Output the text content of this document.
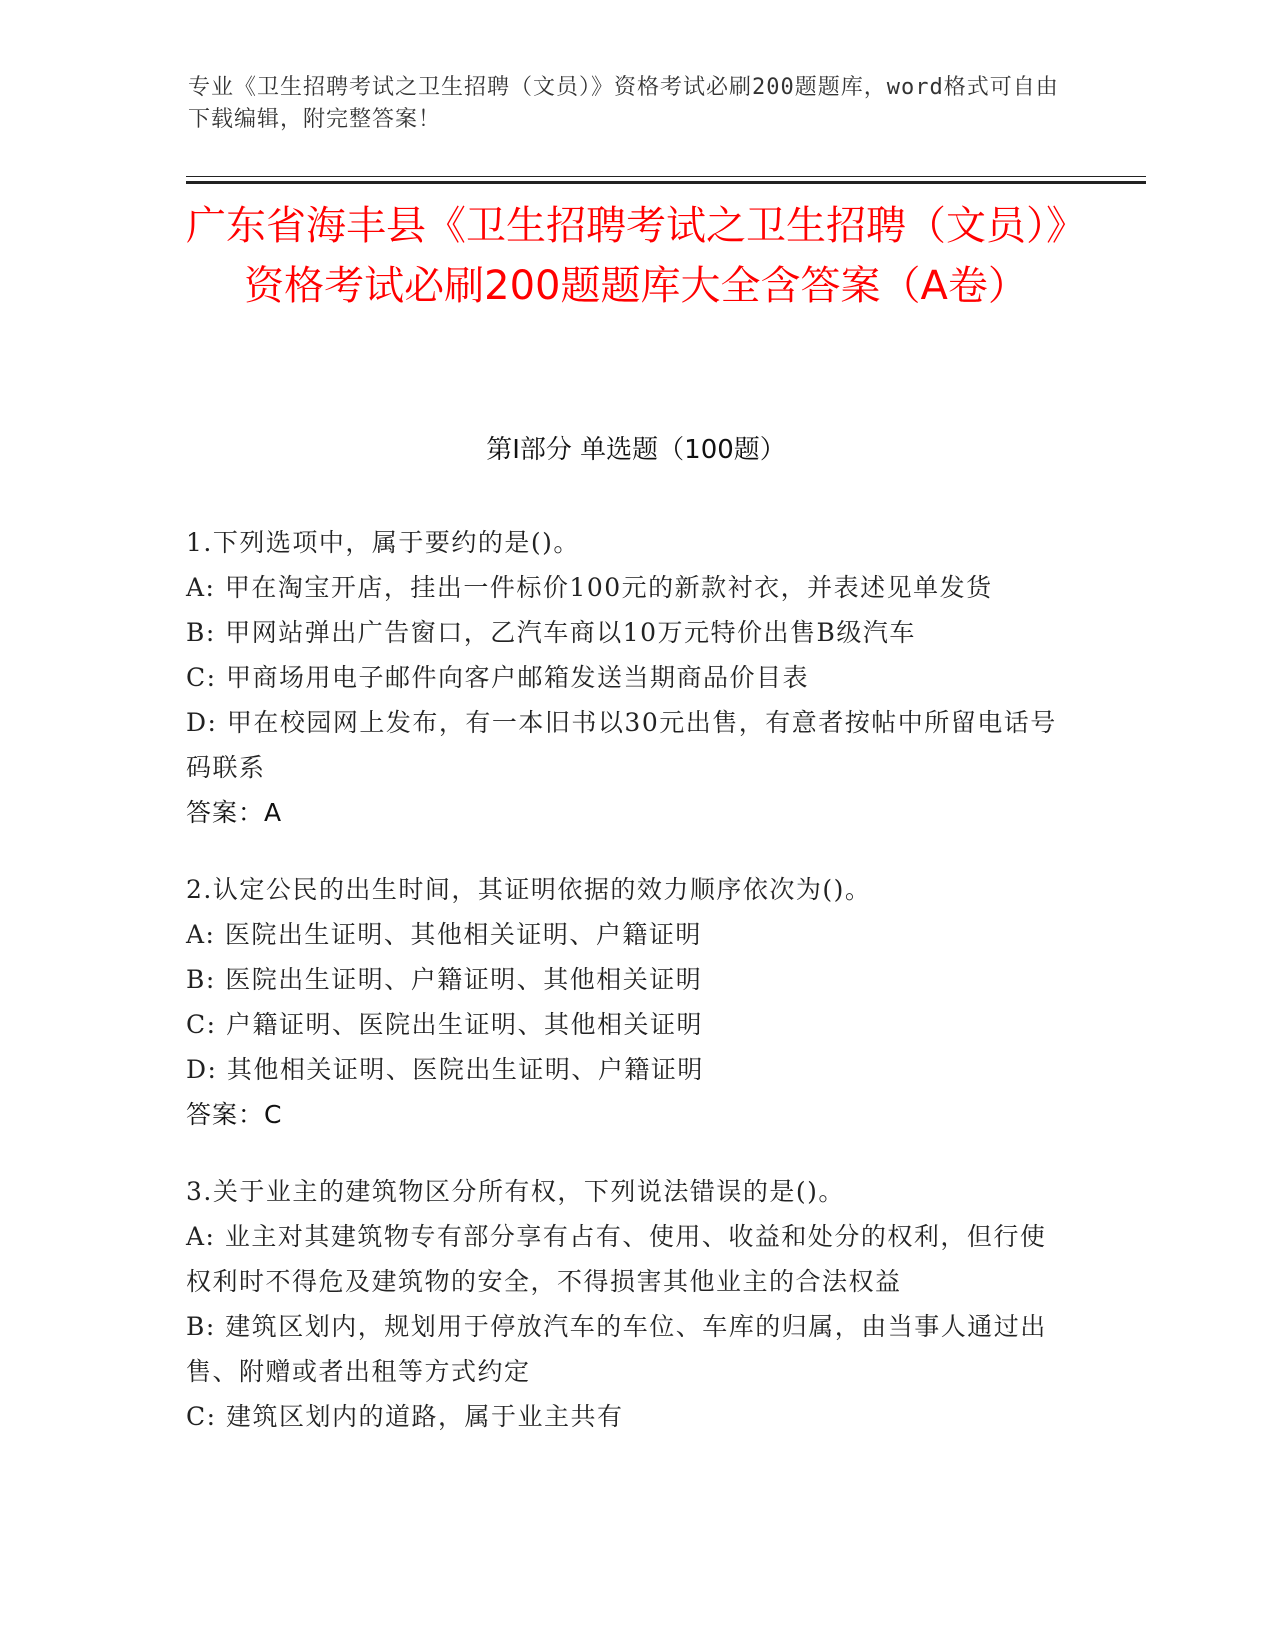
专业《卫生招聘考试之卫生招聘（文员）》资格考试必刷200题题库，word格式可自由下载编辑，附完整答案！
广东省海丰县《卫生招聘考试之卫生招聘（文员）》资格考试必刷200题题库大全含答案（A卷）
第I部分 单选题（100题）
1.下列选项中，属于要约的是()。
A: 甲在淘宝开店，挂出一件标价100元的新款衬衣，并表述见单发货
B: 甲网站弹出广告窗口，乙汽车商以10万元特价出售B级汽车
C: 甲商场用电子邮件向客户邮箱发送当期商品价目表
D: 甲在校园网上发布，有一本旧书以30元出售，有意者按帖中所留电话号码联系
答案：A
2.认定公民的出生时间，其证明依据的效力顺序依次为()。
A: 医院出生证明、其他相关证明、户籍证明
B: 医院出生证明、户籍证明、其他相关证明
C: 户籍证明、医院出生证明、其他相关证明
D: 其他相关证明、医院出生证明、户籍证明
答案：C
3.关于业主的建筑物区分所有权，下列说法错误的是()。
A: 业主对其建筑物专有部分享有占有、使用、收益和处分的权利，但行使权利时不得危及建筑物的安全，不得损害其他业主的合法权益
B: 建筑区划内，规划用于停放汽车的车位、车库的归属，由当事人通过出售、附赠或者出租等方式约定
C: 建筑区划内的道路，属于业主共有
